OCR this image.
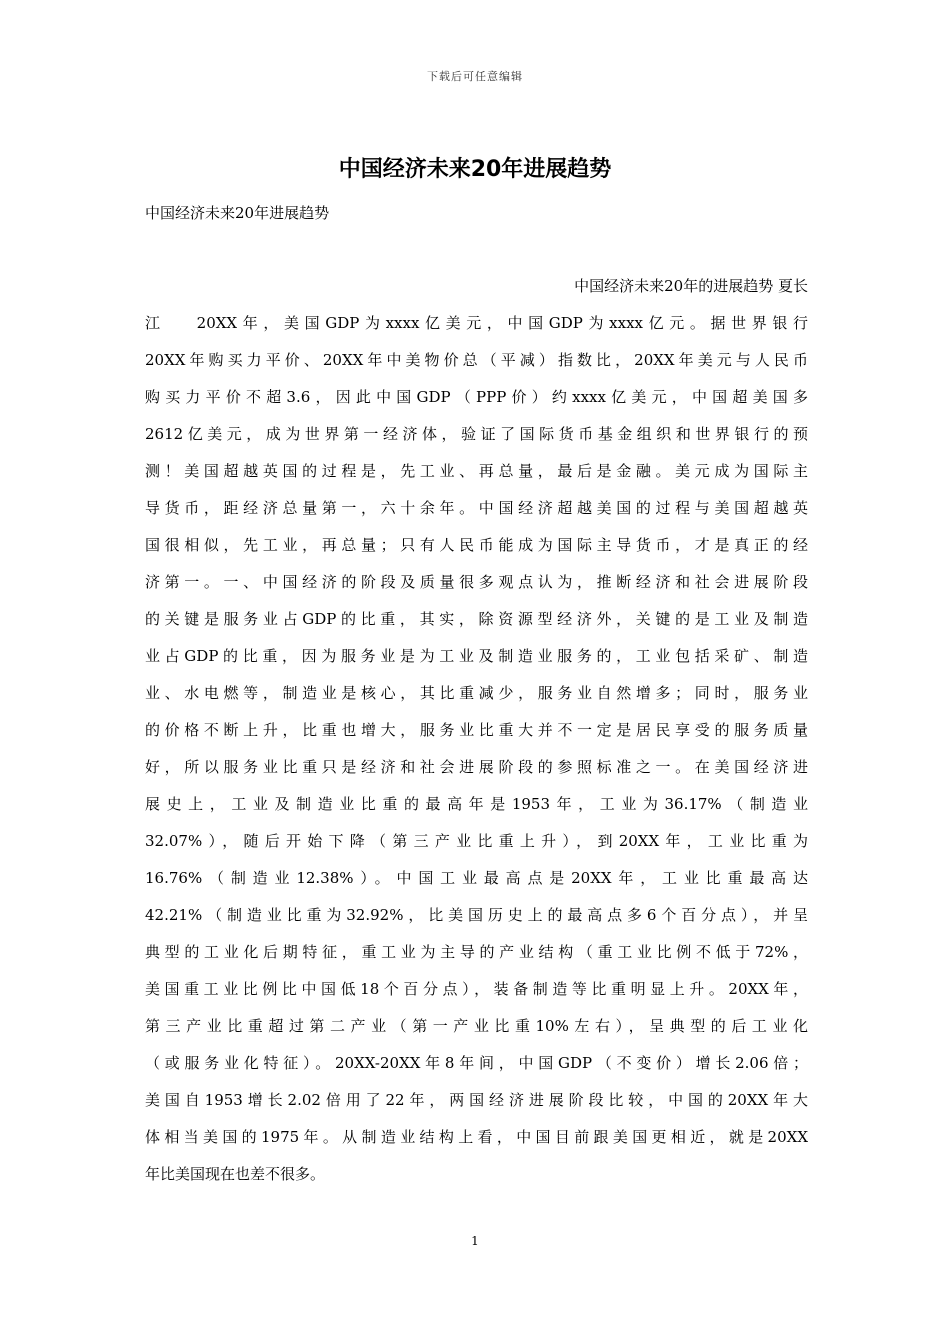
下载后可任意编辑
中国经济未来20年进展趋势

中国经济未来20年进展趋势

中国经济未来20年的进展趋势 夏长
江　 20XX年，美国GDP为xxxx亿美元，中国GDP为xxxx亿元。据世界银行
20XX年购买力平价、20XX年中美物价总（平减）指数比，20XX年美元与人民币
购买力平价不超3.6，因此中国GDP（PPP价）约xxxx亿美元，中国超美国多
2612亿美元，成为世界第一经济体，验证了国际货币基金组织和世界银行的预
测！美国超越英国的过程是，先工业、再总量，最后是金融。美元成为国际主
导货币，距经济总量第一，六十余年。中国经济超越美国的过程与美国超越英
国很相似，先工业，再总量；只有人民币能成为国际主导货币，才是真正的经
济第一。一、中国经济的阶段及质量很多观点认为，推断经济和社会进展阶段
的关键是服务业占GDP的比重，其实，除资源型经济外，关键的是工业及制造
业占GDP的比重，因为服务业是为工业及制造业服务的，工业包括采矿、制造
业、水电燃等，制造业是核心，其比重减少，服务业自然增多；同时，服务业
的价格不断上升，比重也增大，服务业比重大并不一定是居民享受的服务质量
好，所以服务业比重只是经济和社会进展阶段的参照标准之一。在美国经济进
展史上，工业及制造业比重的最高年是1953年，工业为36.17%（制造业
32.07%），随后开始下降（第三产业比重上升），到20XX年，工业比重为
16.76%（制造业12.38%）。中国工业最高点是20XX年，工业比重最高达
42.21%（制造业比重为32.92%，比美国历史上的最高点多6个百分点），并呈
典型的工业化后期特征，重工业为主导的产业结构（重工业比例不低于72%，
美国重工业比例比中国低18个百分点），装备制造等比重明显上升。20XX年，
第三产业比重超过第二产业（第一产业比重10%左右），呈典型的后工业化
（或服务业化特征）。20XX-20XX年8年间，中国GDP（不变价）增长2.06倍；
美国自1953增长2.02倍用了22年，两国经济进展阶段比较，中国的20XX年大
体相当美国的1975年。从制造业结构上看，中国目前跟美国更相近，就是20XX
年比美国现在也差不很多。
1
